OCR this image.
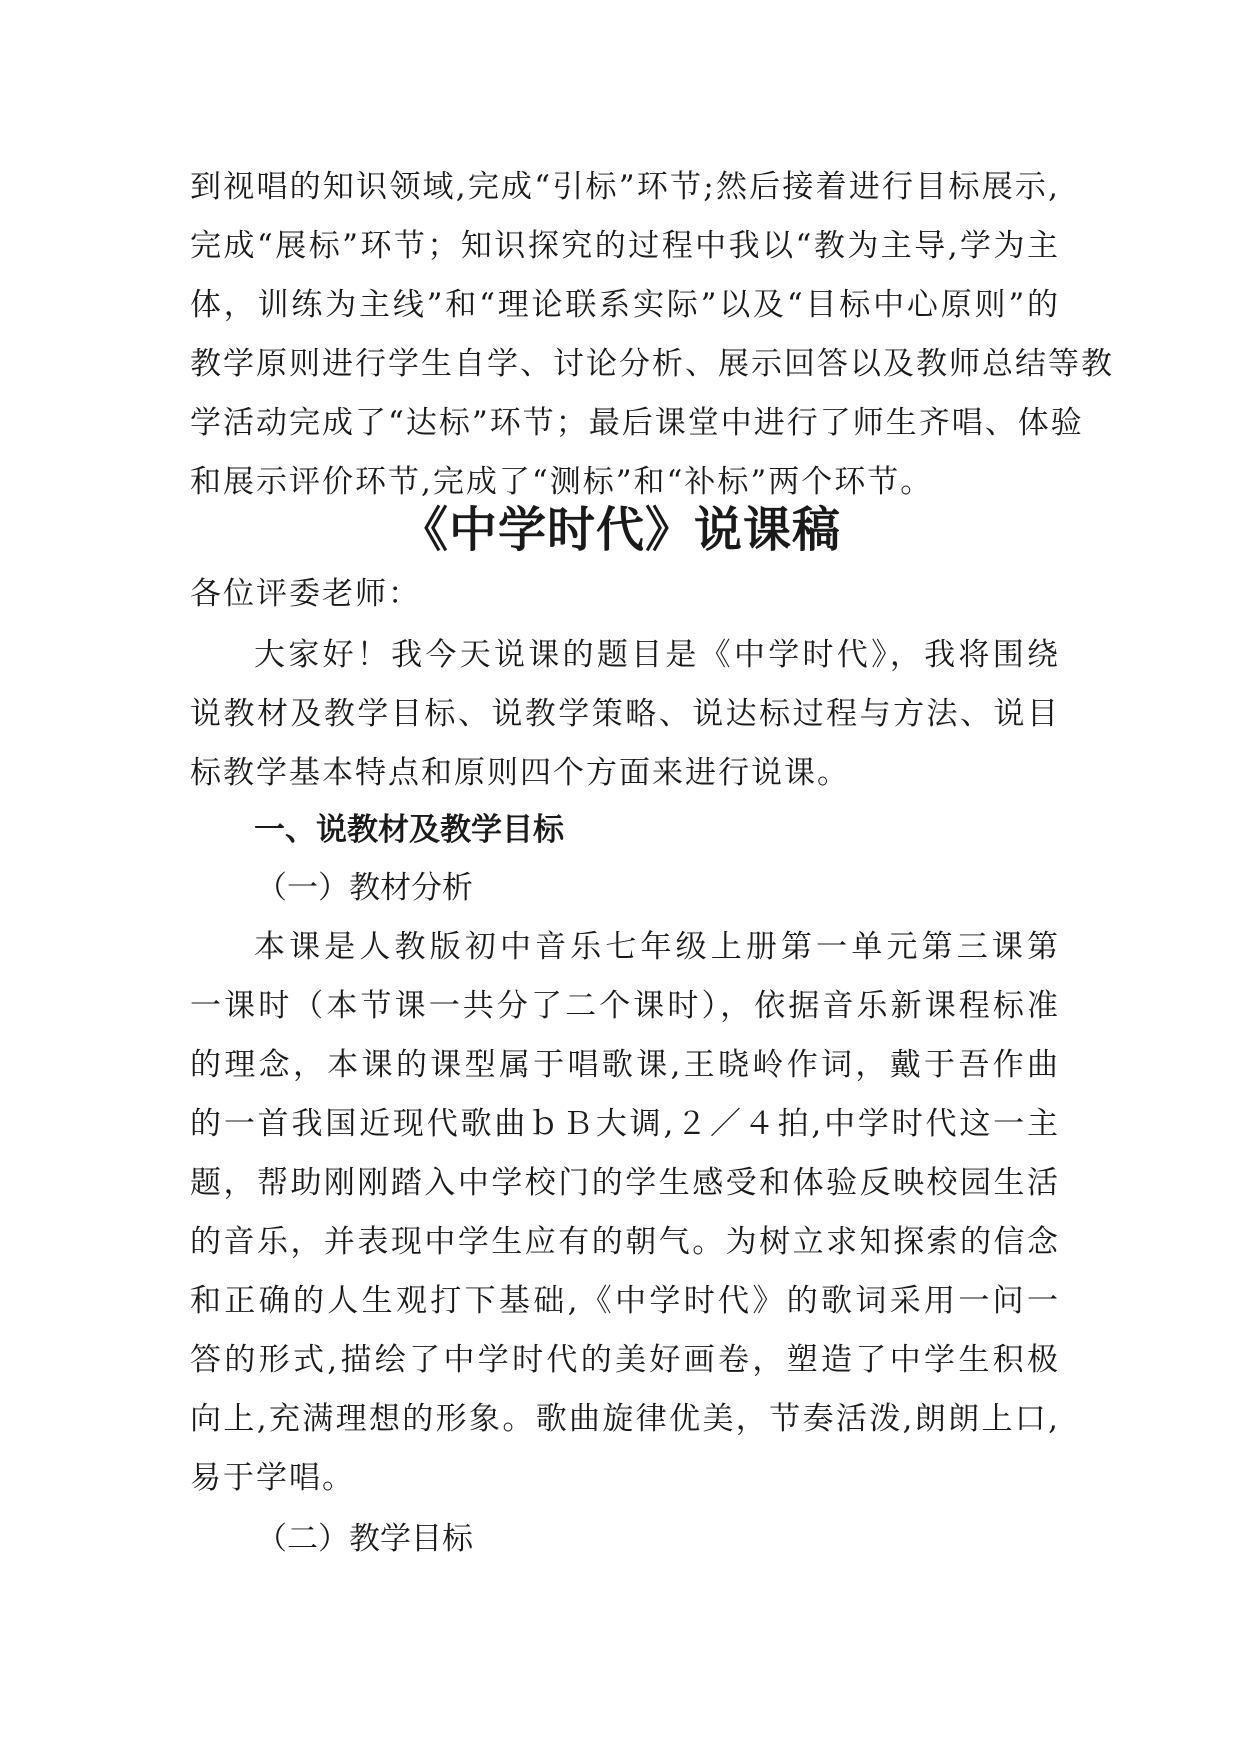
到视唱的知识领域,完成“引标”环节;然后接着进行目标展示,
完成“展标”环节；知识探究的过程中我以“教为主导,学为主
体，训练为主线”和“理论联系实际”以及“目标中心原则”的
教学原则进行学生自学、讨论分析、展示回答以及教师总结等教
学活动完成了“达标”环节；最后课堂中进行了师生齐唱、体验
和展示评价环节,完成了“测标”和“补标”两个环节。
《中学时代》说课稿
各位评委老师：
大家好！我今天说课的题目是《中学时代》，我将围绕
说教材及教学目标、说教学策略、说达标过程与方法、说目
标教学基本特点和原则四个方面来进行说课。
一、说教材及教学目标
（一）教材分析
本课是人教版初中音乐七年级上册第一单元第三课第
一课时（本节课一共分了二个课时），依据音乐新课程标准
的理念，本课的课型属于唱歌课,王晓岭作词，戴于吾作曲
的一首我国近现代歌曲ｂＢ大调,２／４拍,中学时代这一主
题，帮助刚刚踏入中学校门的学生感受和体验反映校园生活
的音乐，并表现中学生应有的朝气。为树立求知探索的信念
和正确的人生观打下基础,《中学时代》的歌词采用一问一
答的形式,描绘了中学时代的美好画卷，塑造了中学生积极
向上,充满理想的形象。歌曲旋律优美，节奏活泼,朗朗上口,
易于学唱。
（二）教学目标
